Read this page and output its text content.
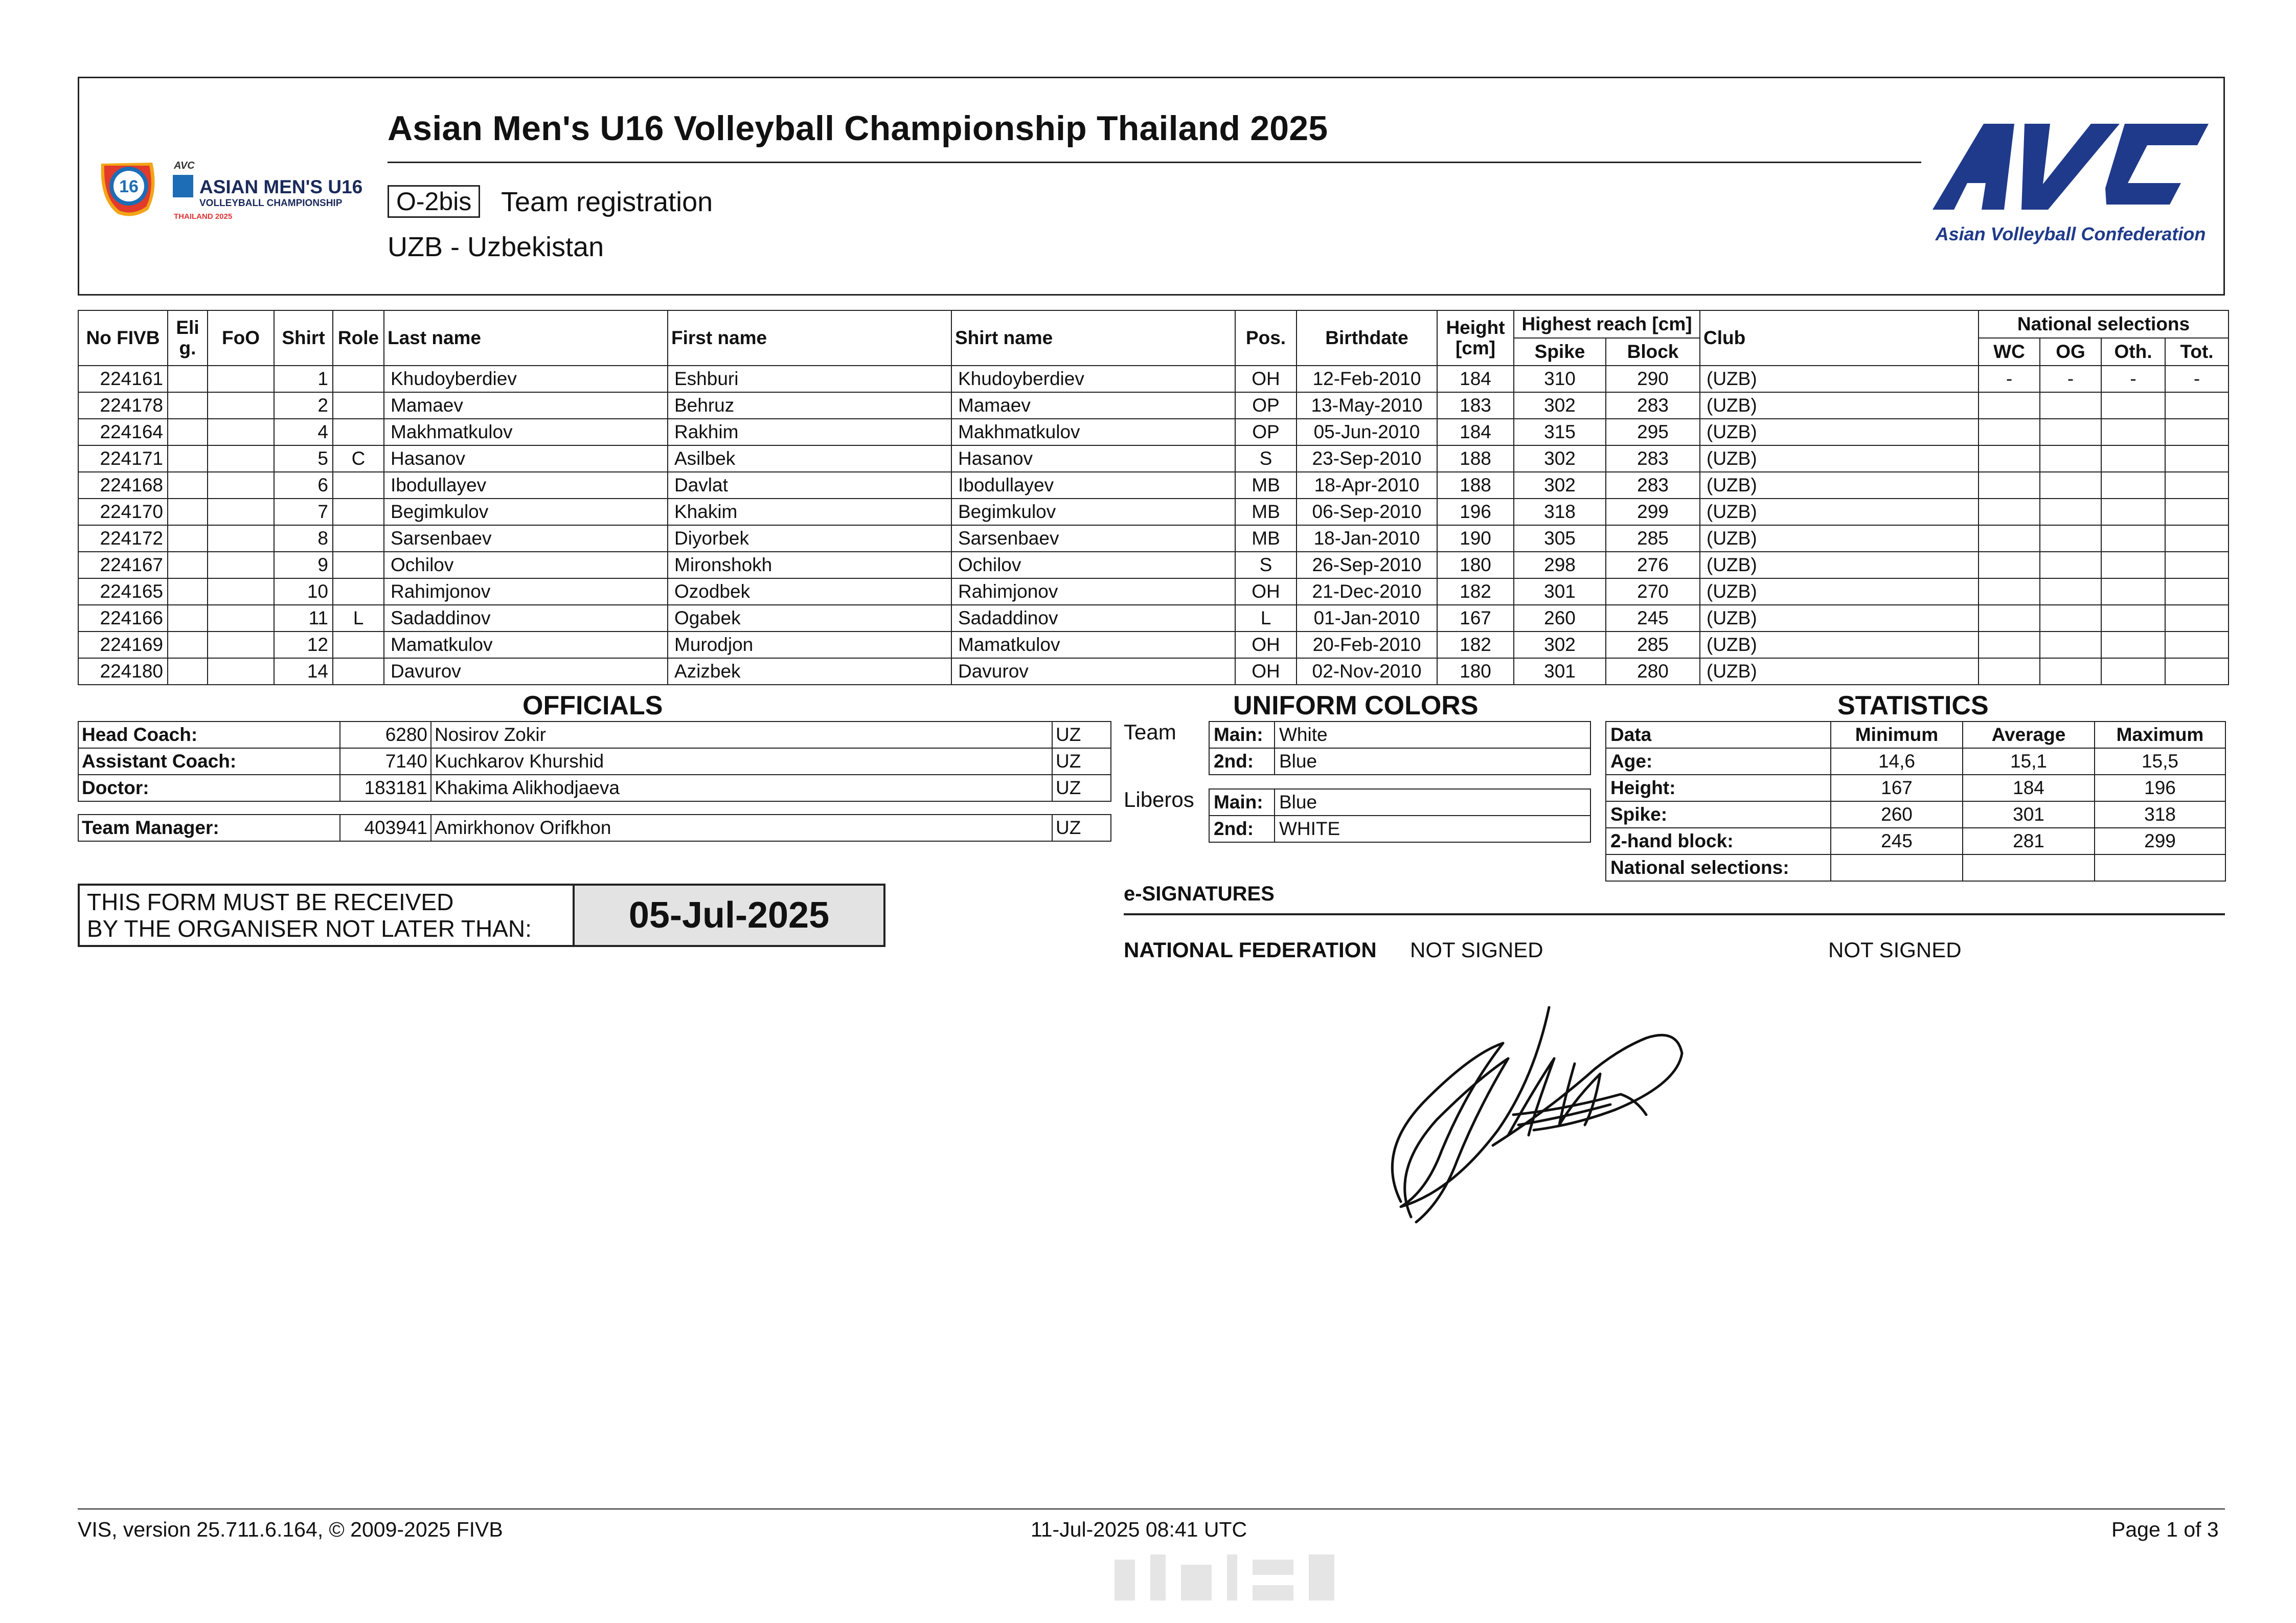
16
AVC
ASIAN MEN'S U16
VOLLEYBALL CHAMPIONSHIP
THAILAND 2025
Asian Men's U16 Volleyball Championship Thailand 2025
O-2bis	Team registration
UZB - Uzbekistan	Asian Volleyball Confederation
No FIVB	Eli
g.	FoO	Shirt	Role	Last name	First name	Shirt name	Pos.	Birthdate	Height
[cm]	Highest reach [cm]		Club	National selections			
											Spike	Block		WC	OG	Oth.	Tot.
224161			1		Khudoyberdiev	Eshburi	Khudoyberdiev	OH	12-Feb-2010	184	310	290	(UZB)	-	-	-	-
224178			2		Mamaev	Behruz	Mamaev	OP	13-May-2010	183	302	283	(UZB)				
224164			4		Makhmatkulov	Rakhim	Makhmatkulov	OP	05-Jun-2010	184	315	295	(UZB)				
224171			5	C	Hasanov	Asilbek	Hasanov	S	23-Sep-2010	188	302	283	(UZB)				
224168			6		Ibodullayev	Davlat	Ibodullayev	MB	18-Apr-2010	188	302	283	(UZB)				
224170			7		Begimkulov	Khakim	Begimkulov	MB	06-Sep-2010	196	318	299	(UZB)				
224172			8		Sarsenbaev	Diyorbek	Sarsenbaev	MB	18-Jan-2010	190	305	285	(UZB)				
224167			9		Ochilov	Mironshokh	Ochilov	S	26-Sep-2010	180	298	276	(UZB)				
224165			10		Rahimjonov	Ozodbek	Rahimjonov	OH	21-Dec-2010	182	301	270	(UZB)				
224166			11	L	Sadaddinov	Ogabek	Sadaddinov	L	01-Jan-2010	167	260	245	(UZB)				
224169			12		Mamatkulov	Murodjon	Mamatkulov	OH	20-Feb-2010	182	302	285	(UZB)				
224180			14		Davurov	Azizbek	Davurov	OH	02-Nov-2010	180	301	280	(UZB)				
OFFICIALS	UNIFORM COLORS	STATISTICS
Head Coach:	6280	Nosirov Zokir	UZ
Assistant Coach:	7140	Kuchkarov Khurshid	UZ
Doctor:	183181	Khakima Alikhodjaeva	UZ
Team Manager:	403941	Amirkhonov Orifkhon	UZ
Team Main:	White
2nd:	Blue
Liberos Main:	Blue
2nd:	WHITE
Data	Minimum	Average	Maximum
Age:	14,6	15,1	15,5
Height:	167	184	196
Spike:	260	301	318
2-hand block:	245	281	299
National selections:			
THIS FORM MUST BE RECEIVED
BY THE ORGANISER NOT LATER THAN:	05-Jul-2025
e-SIGNATURES
NATIONAL FEDERATION NOT SIGNED	NOT SIGNED
VIS, version 25.711.6.164, © 2009-2025 FIVB	11-Jul-2025 08:41 UTC	Page 1 of 3
